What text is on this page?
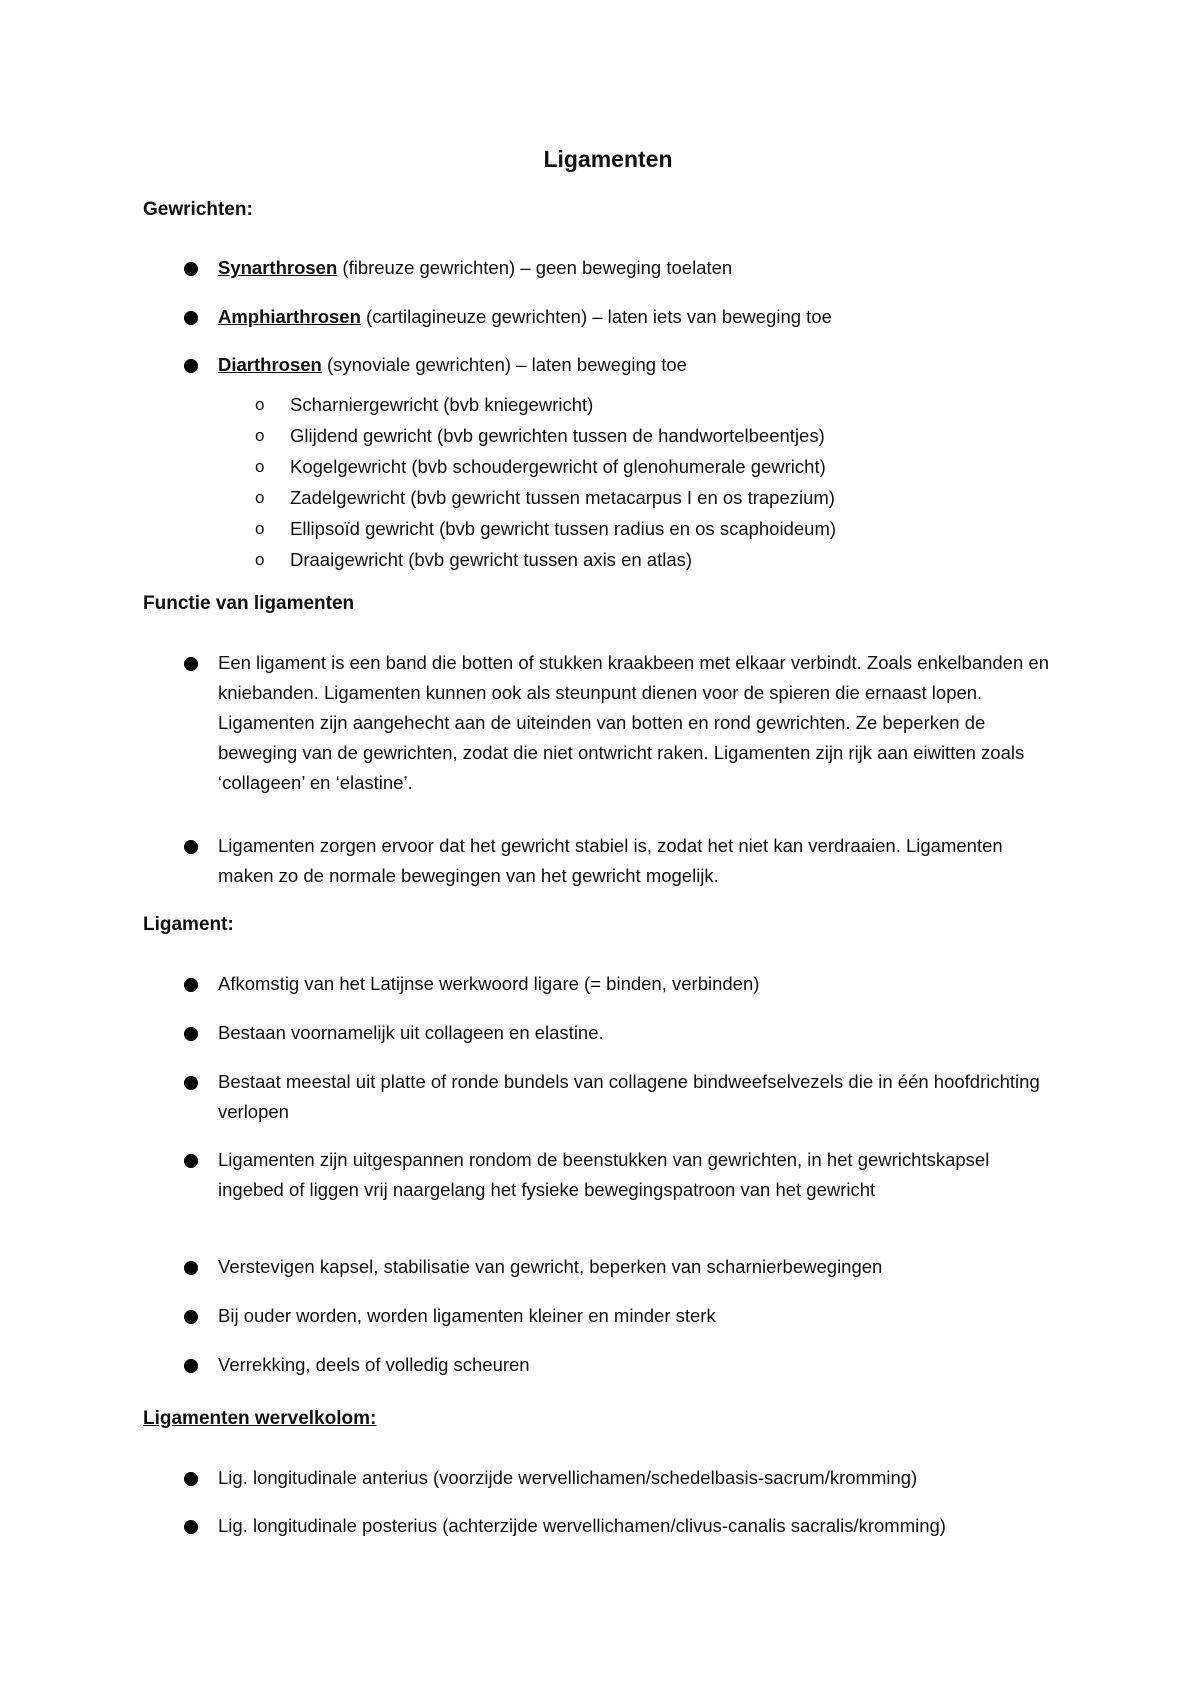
Ligamenten
Gewrichten:
Synarthrosen (fibreuze gewrichten) – geen beweging toelaten
Amphiarthrosen (cartilagineuze gewrichten) – laten iets van beweging toe
Diarthrosen (synoviale gewrichten) – laten beweging toe
o Scharniergewricht (bvb kniegewricht)
o Glijdend gewricht (bvb gewrichten tussen de handwortelbeentjes)
o Kogelgewricht (bvb schoudergewricht of glenohumerale gewricht)
o Zadelgewricht (bvb gewricht tussen metacarpus I en os trapezium)
o Ellipsoïd gewricht (bvb gewricht tussen radius en os scaphoideum)
o Draaigewricht (bvb gewricht tussen axis en atlas)
Functie van ligamenten
Een ligament is een band die botten of stukken kraakbeen met elkaar verbindt. Zoals enkelbanden en kniebanden. Ligamenten kunnen ook als steunpunt dienen voor de spieren die ernaast lopen. Ligamenten zijn aangehecht aan de uiteinden van botten en rond gewrichten. Ze beperken de beweging van de gewrichten, zodat die niet ontwricht raken. Ligamenten zijn rijk aan eiwitten zoals ‘collageen’ en ‘elastine’.
Ligamenten zorgen ervoor dat het gewricht stabiel is, zodat het niet kan verdraaien. Ligamenten maken zo de normale bewegingen van het gewricht mogelijk.
Ligament:
Afkomstig van het Latijnse werkwoord ligare (= binden, verbinden)
Bestaan voornamelijk uit collageen en elastine.
Bestaat meestal uit platte of ronde bundels van collagene bindweefselvezels die in één hoofdrichting verlopen
Ligamenten zijn uitgespannen rondom de beenstukken van gewrichten, in het gewrichtskapsel ingebed of liggen vrij naargelang het fysieke bewegingspatroon van het gewricht
Verstevigen kapsel, stabilisatie van gewricht, beperken van scharnierbewegingen
Bij ouder worden, worden ligamenten kleiner en minder sterk
Verrekking, deels of volledig scheuren
Ligamenten wervelkolom:
Lig. longitudinale anterius (voorzijde wervellichamen/schedelbasis-sacrum/kromming)
Lig. longitudinale posterius (achterzijde wervellichamen/clivus-canalis sacralis/kromming)
